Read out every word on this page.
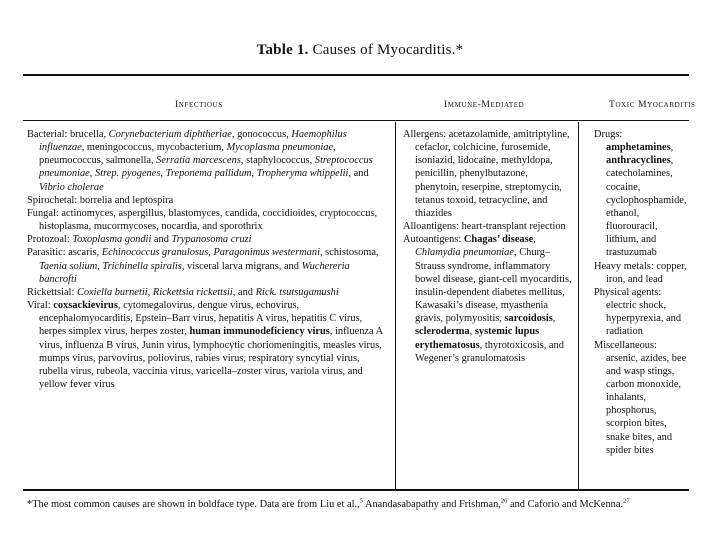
Table 1. Causes of Myocarditis.*
Infectious	Immune-Mediated	Toxic Myocarditis

Bacterial: brucella, Corynebacterium diphtheriae, gonococcus, Haemophilus influenzae, meningococcus, mycobacterium, Mycoplasma pneumoniae, pneumococcus, salmonella, Serratia marcescens, staphylococcus, Streptococcus pneumoniae, Strep. pyogenes, Treponema pallidum, Tropheryma whippelii, and Vibrio cholerae

Spirochetal: borrelia and leptospira

Fungal: actinomyces, aspergillus, blastomyces, candida, coccidioides, cryptococcus, histoplasma, mucormycoses, nocardia, and sporothrix

Protozoal: Toxoplasma gondii and Trypanosoma cruzi

Parasitic: ascaris, Echinococcus granulosus, Paragonimus westermani, schistosoma, Taenia solium, Trichinella spiralis, visceral larva migrans, and Wuchereria bancrofti

Rickettsial: Coxiella burnetii, Rickettsia rickettsii, and Rick. tsutsugamushi

Viral: coxsackievirus, cytomegalovirus, dengue virus, echovirus, encephalomyocarditis, Epstein–Barr virus, hepatitis A virus, hepatitis C virus, herpes simplex virus, herpes zoster, human immunodeficiency virus, influenza A virus, influenza B virus, Junin virus, lymphocytic choriomeningitis, measles virus, mumps virus, parvovirus, poliovirus, rabies virus, respiratory syncytial virus, rubella virus, rubeola, vaccinia virus, varicella–zoster virus, variola virus, and yellow fever virus

Allergens: acetazolamide, amitriptyline, cefaclor, colchicine, furosemide, isoniazid, lidocaine, methyldopa, penicillin, phenylbutazone, phenytoin, reserpine, streptomycin, tetanus toxoid, tetracycline, and thiazides

Alloantigens: heart-transplant rejection

Autoantigens: Chagas’ disease, Chlamydia pneumoniae, Churg–Strauss syndrome, inflammatory bowel disease, giant-cell myocarditis, insulin-dependent diabetes mellitus, Kawasaki’s disease, myasthenia gravis, polymyositis, sarcoidosis, scleroderma, systemic lupus erythematosus, thyrotoxicosis, and Wegener’s granulomatosis

Drugs: amphetamines, anthracyclines, catecholamines, cocaine, cyclophosphamide, ethanol, fluorouracil, lithium, and trastuzumab

Heavy metals: copper, iron, and lead

Physical agents: electric shock, hyperpyrexia, and radiation

Miscellaneous: arsenic, azides, bee and wasp stings, carbon monoxide, inhalants, phosphorus, scorpion bites, snake bites, and spider bites

*The most common causes are shown in boldface type. Data are from Liu et al.,$^5$ Anandasabapathy and Frishman,$^{26}$ and Caforio and McKenna.$^{27}$
